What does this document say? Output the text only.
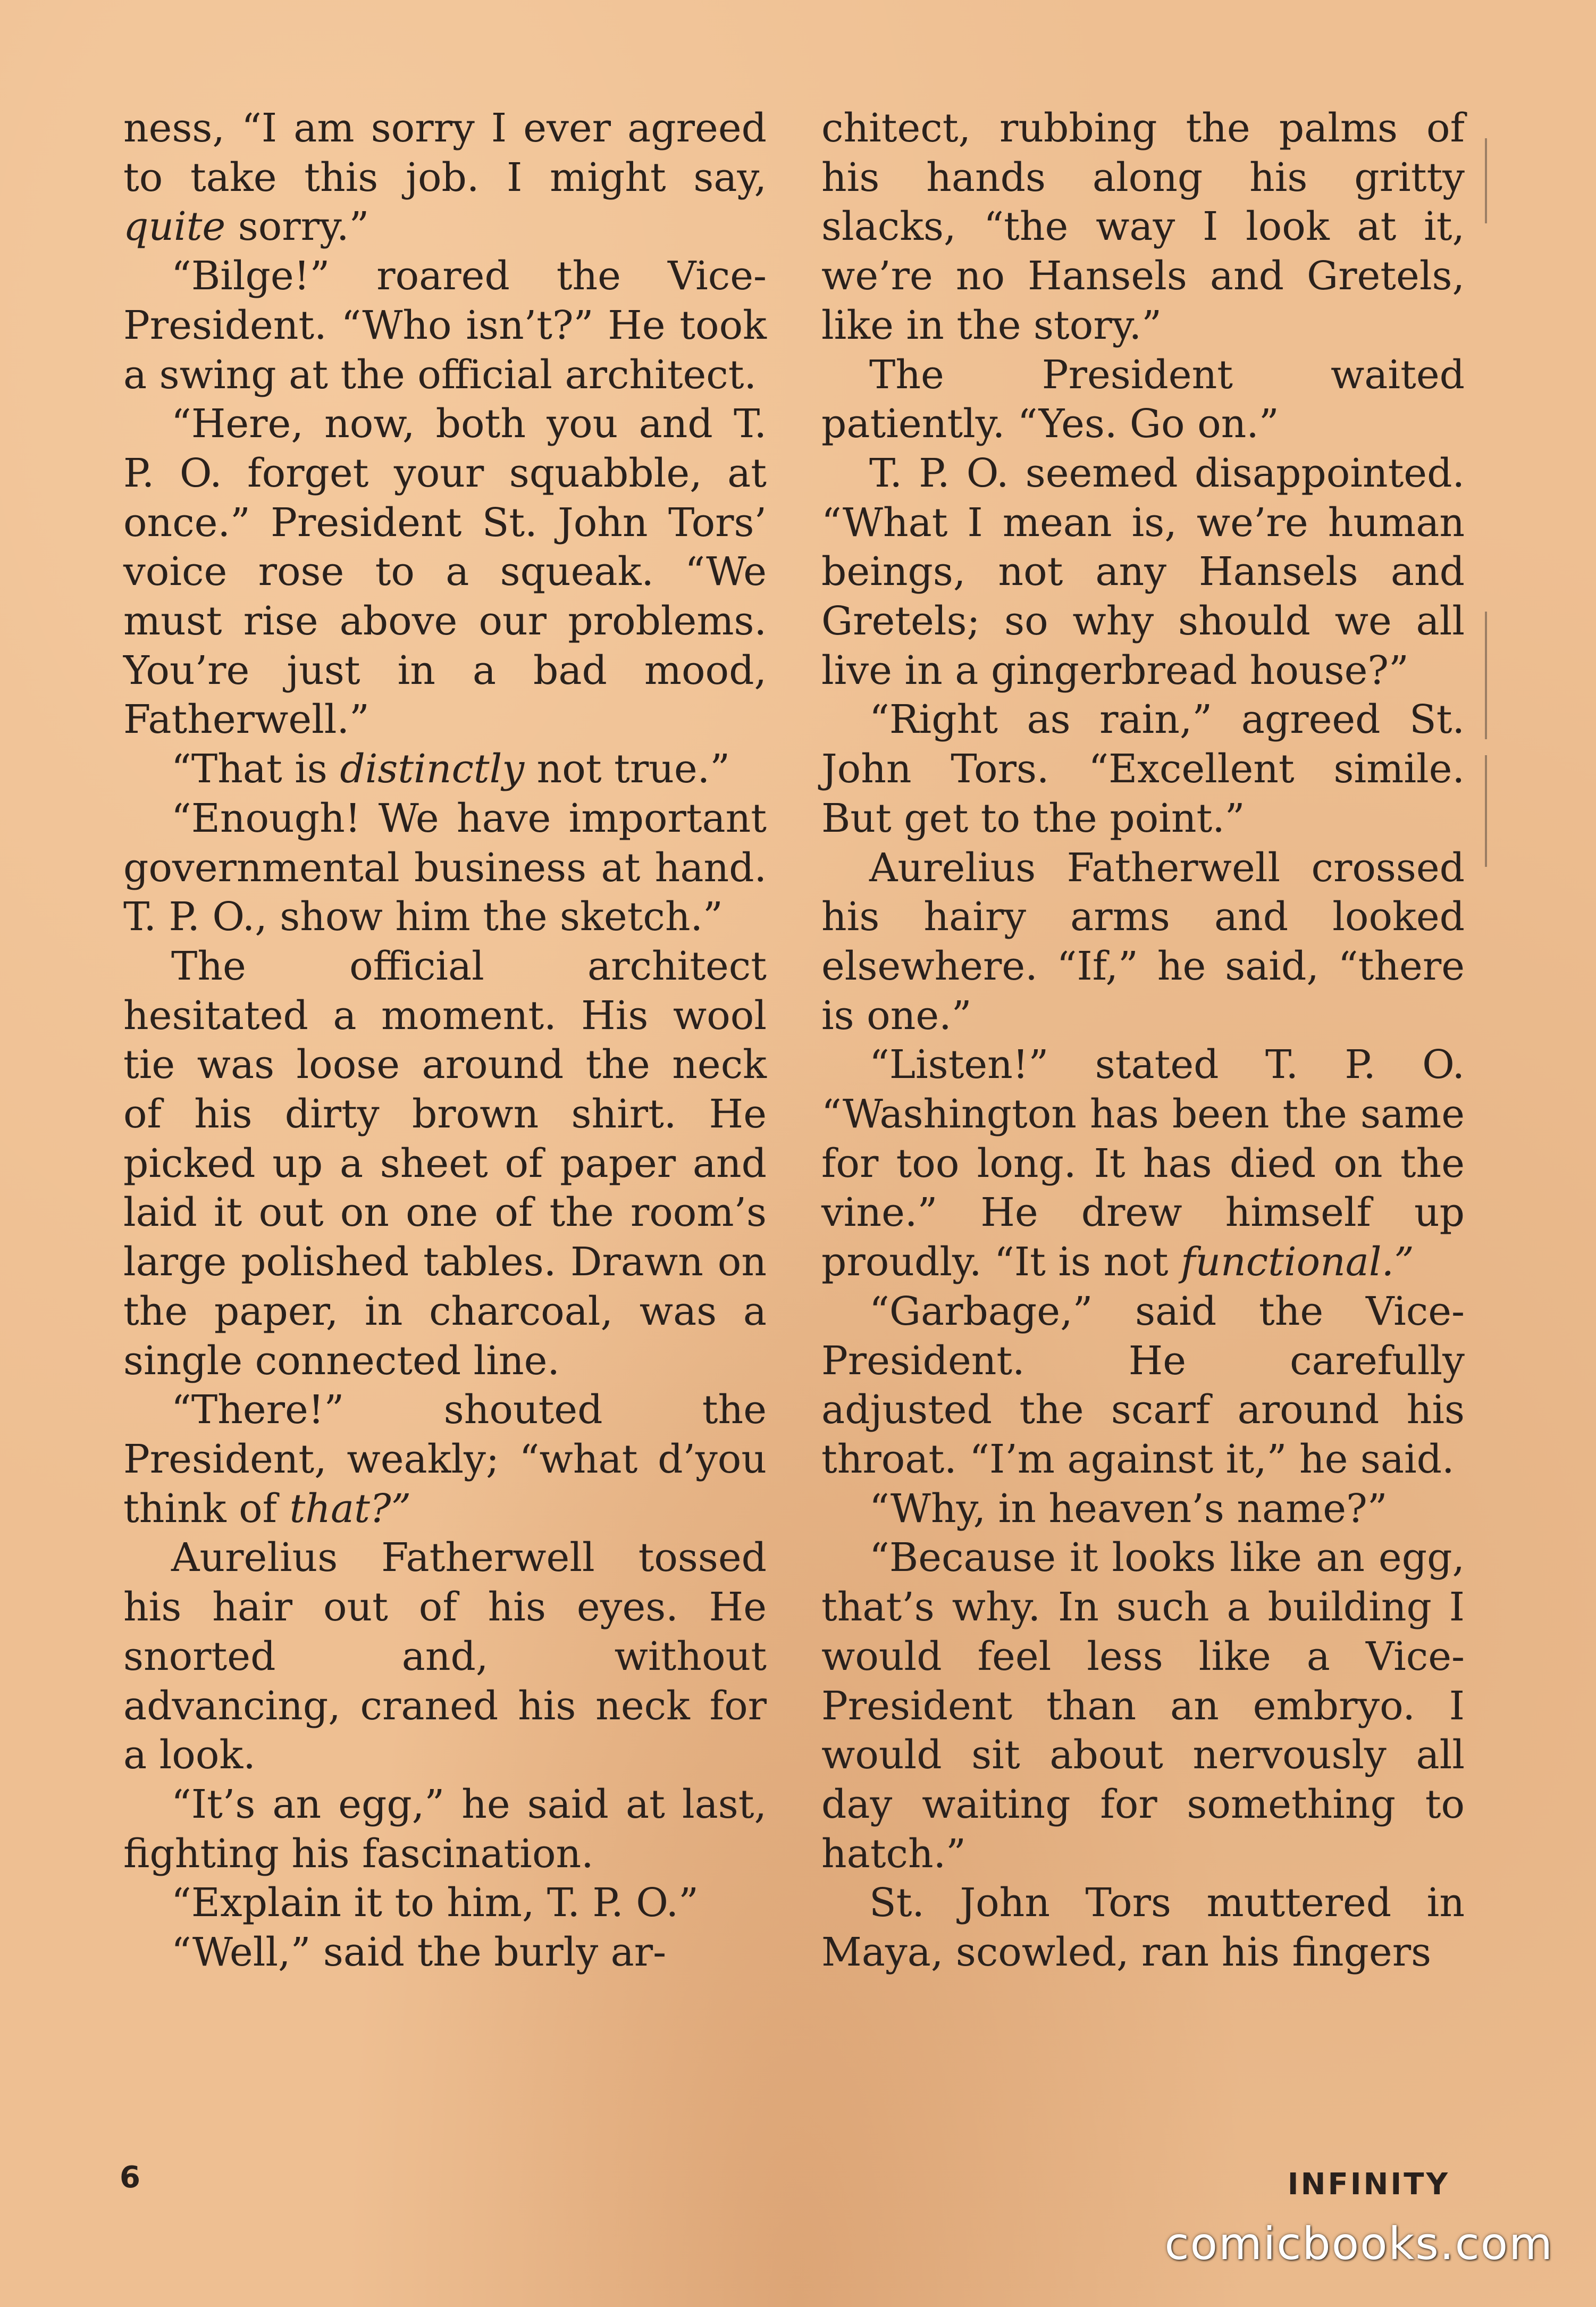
ness, “I am sorry I ever agreed to take this job. I might say, quite sorry.”

“Bilge!” roared the Vice-President. “Who isn’t?” He took a swing at the official architect.

“Here, now, both you and T. P. O. forget your squabble, at once.” President St. John Tors’ voice rose to a squeak. “We must rise above our problems. You’re just in a bad mood, Fatherwell.”

“That is distinctly not true.”

“Enough! We have important governmental business at hand. T. P. O., show him the sketch.”

The official architect hesitated a moment. His wool tie was loose around the neck of his dirty brown shirt. He picked up a sheet of paper and laid it out on one of the room’s large polished tables. Drawn on the paper, in charcoal, was a single connected line.

“There!” shouted the President, weakly; “what d’you think of that?”

Aurelius Fatherwell tossed his hair out of his eyes. He snorted and, without advancing, craned his neck for a look.

“It’s an egg,” he said at last, fighting his fascination.

“Explain it to him, T. P. O.”

“Well,” said the burly ar-

chitect, rubbing the palms of his hands along his gritty slacks, “the way I look at it, we’re no Hansels and Gretels, like in the story.”

The President waited patiently. “Yes. Go on.”

T. P. O. seemed disappointed. “What I mean is, we’re human beings, not any Hansels and Gretels; so why should we all live in a gingerbread house?”

“Right as rain,” agreed St. John Tors. “Excellent simile. But get to the point.”

Aurelius Fatherwell crossed his hairy arms and looked elsewhere. “If,” he said, “there is one.”

“Listen!” stated T. P. O. “Washington has been the same for too long. It has died on the vine.” He drew himself up proudly. “It is not functional.”

“Garbage,” said the Vice-President. He carefully adjusted the scarf around his throat. “I’m against it,” he said.

“Why, in heaven’s name?”

“Because it looks like an egg, that’s why. In such a building I would feel less like a Vice-President than an embryo. I would sit about nervously all day waiting for something to hatch.”

St. John Tors muttered in Maya, scowled, ran his fingers

6	INFINITY
comicbooks.com
